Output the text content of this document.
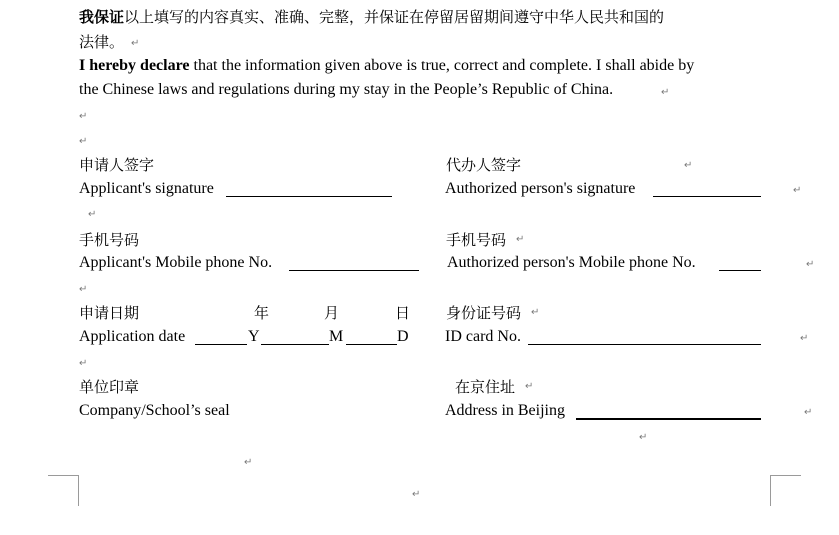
我保证以上填写的内容真实、准确、完整，并保证在停留居留期间遵守中华人民共和国的
法律。 ↵
I hereby declare that the information given above is true, correct and complete. I shall abide by
the Chinese laws and regulations during my stay in the People’s Republic of China.	↵
↵
↵
申请人签字	代办人签字	↵
Applicant's signature	Authorized person's signature	↵
↵
手机号码	手机号码 ↵
Applicant's Mobile phone No.	Authorized person's Mobile phone No.	↵
↵
申请日期	年	月	日 身份证号码 ↵
Application date	Y	M	D ID card No.	↵
↵
单位印章	在京住址 ↵
Company/School’s seal	Address in Beijing	↵
↵
↵
↵
